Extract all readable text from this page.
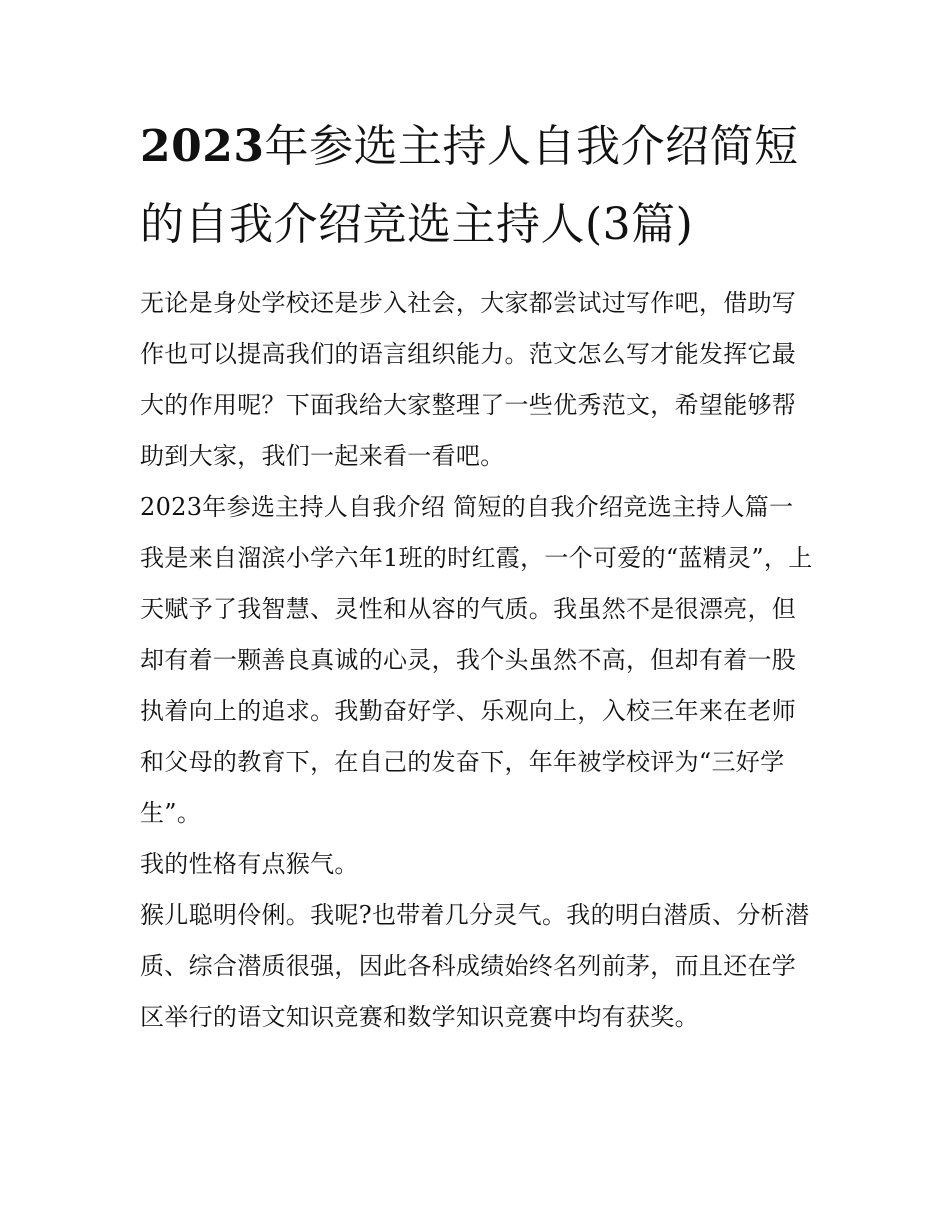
2023年参选主持人自我介绍简短的自我介绍竞选主持人(3篇)

无论是身处学校还是步入社会，大家都尝试过写作吧，借助写作也可以提高我们的语言组织能力。范文怎么写才能发挥它最大的作用呢？下面我给大家整理了一些优秀范文，希望能够帮助到大家，我们一起来看一看吧。

2023年参选主持人自我介绍 简短的自我介绍竞选主持人篇一

我是来自溜滨小学六年1班的时红霞，一个可爱的“蓝精灵”，上天赋予了我智慧、灵性和从容的气质。我虽然不是很漂亮，但却有着一颗善良真诚的心灵，我个头虽然不高，但却有着一股执着向上的追求。我勤奋好学、乐观向上，入校三年来在老师和父母的教育下，在自己的发奋下，年年被学校评为“三好学生”。

我的性格有点猴气。

猴儿聪明伶俐。我呢?也带着几分灵气。我的明白潜质、分析潜质、综合潜质很强，因此各科成绩始终名列前茅，而且还在学区举行的语文知识竞赛和数学知识竞赛中均有获奖。
